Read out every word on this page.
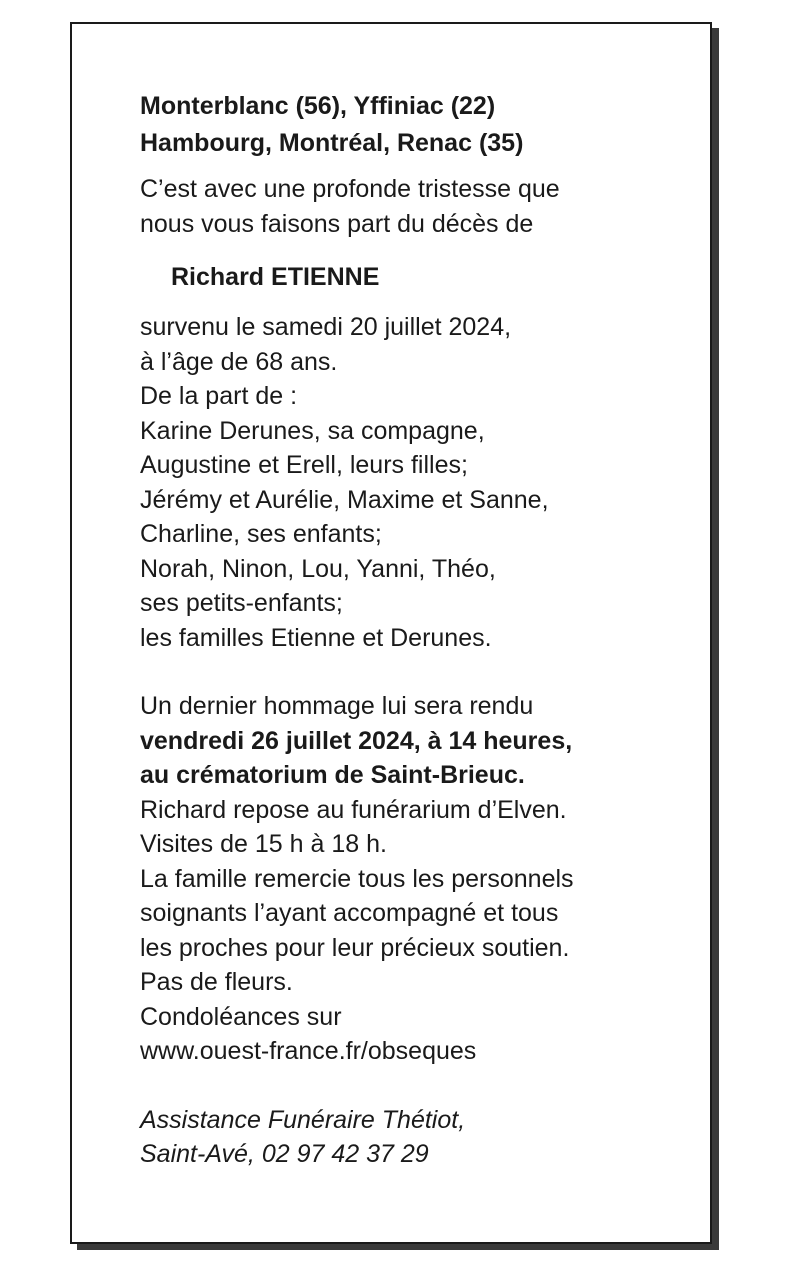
Monterblanc (56), Yffiniac (22)
Hambourg, Montréal, Renac (35)
C’est avec une profonde tristesse que
nous vous faisons part du décès de
Richard ETIENNE
survenu le samedi 20 juillet 2024,
à l’âge de 68 ans.
De la part de :
Karine Derunes, sa compagne,
Augustine et Erell, leurs filles;
Jérémy et Aurélie, Maxime et Sanne,
Charline, ses enfants;
Norah, Ninon, Lou, Yanni, Théo,
ses petits-enfants;
les familles Etienne et Derunes.
Un dernier hommage lui sera rendu
vendredi 26 juillet 2024, à 14 heures,
au crématorium de Saint-Brieuc.
Richard repose au funérarium d’Elven.
Visites de 15 h à 18 h.
La famille remercie tous les personnels
soignants l’ayant accompagné et tous
les proches pour leur précieux soutien.
Pas de fleurs.
Condoléances sur
www.ouest-france.fr/obseques
Assistance Funéraire Thétiot,
Saint-Avé, 02 97 42 37 29
